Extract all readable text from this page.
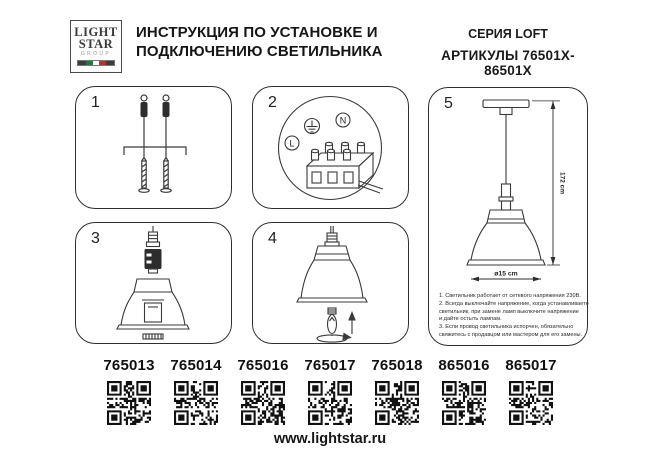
LIGHT
STAR
GROUP
ИНСТРУКЦИЯ ПО УСТАНОВКЕ И
ПОДКЛЮЧЕНИЮ СВЕТИЛЬНИКА
СЕРИЯ LOFT
АРТИКУЛЫ 76501X-86501X
1	2
N
L
3	4
5
172 cm
ø15 cm
1. Светильник работает от сетевого напряжения 230В.
2. Всегда выключайте напряжение, когда устанавливаете
светильник, при замене ламп выключите напряжение
и дайте остыть лампам.
3. Если провод светильника испорчен, обязательно
свяжитесь с продавцом или мастером для его замены.
765013 765014 765016 765017 765018 865016 865017
www.lightstar.ru
